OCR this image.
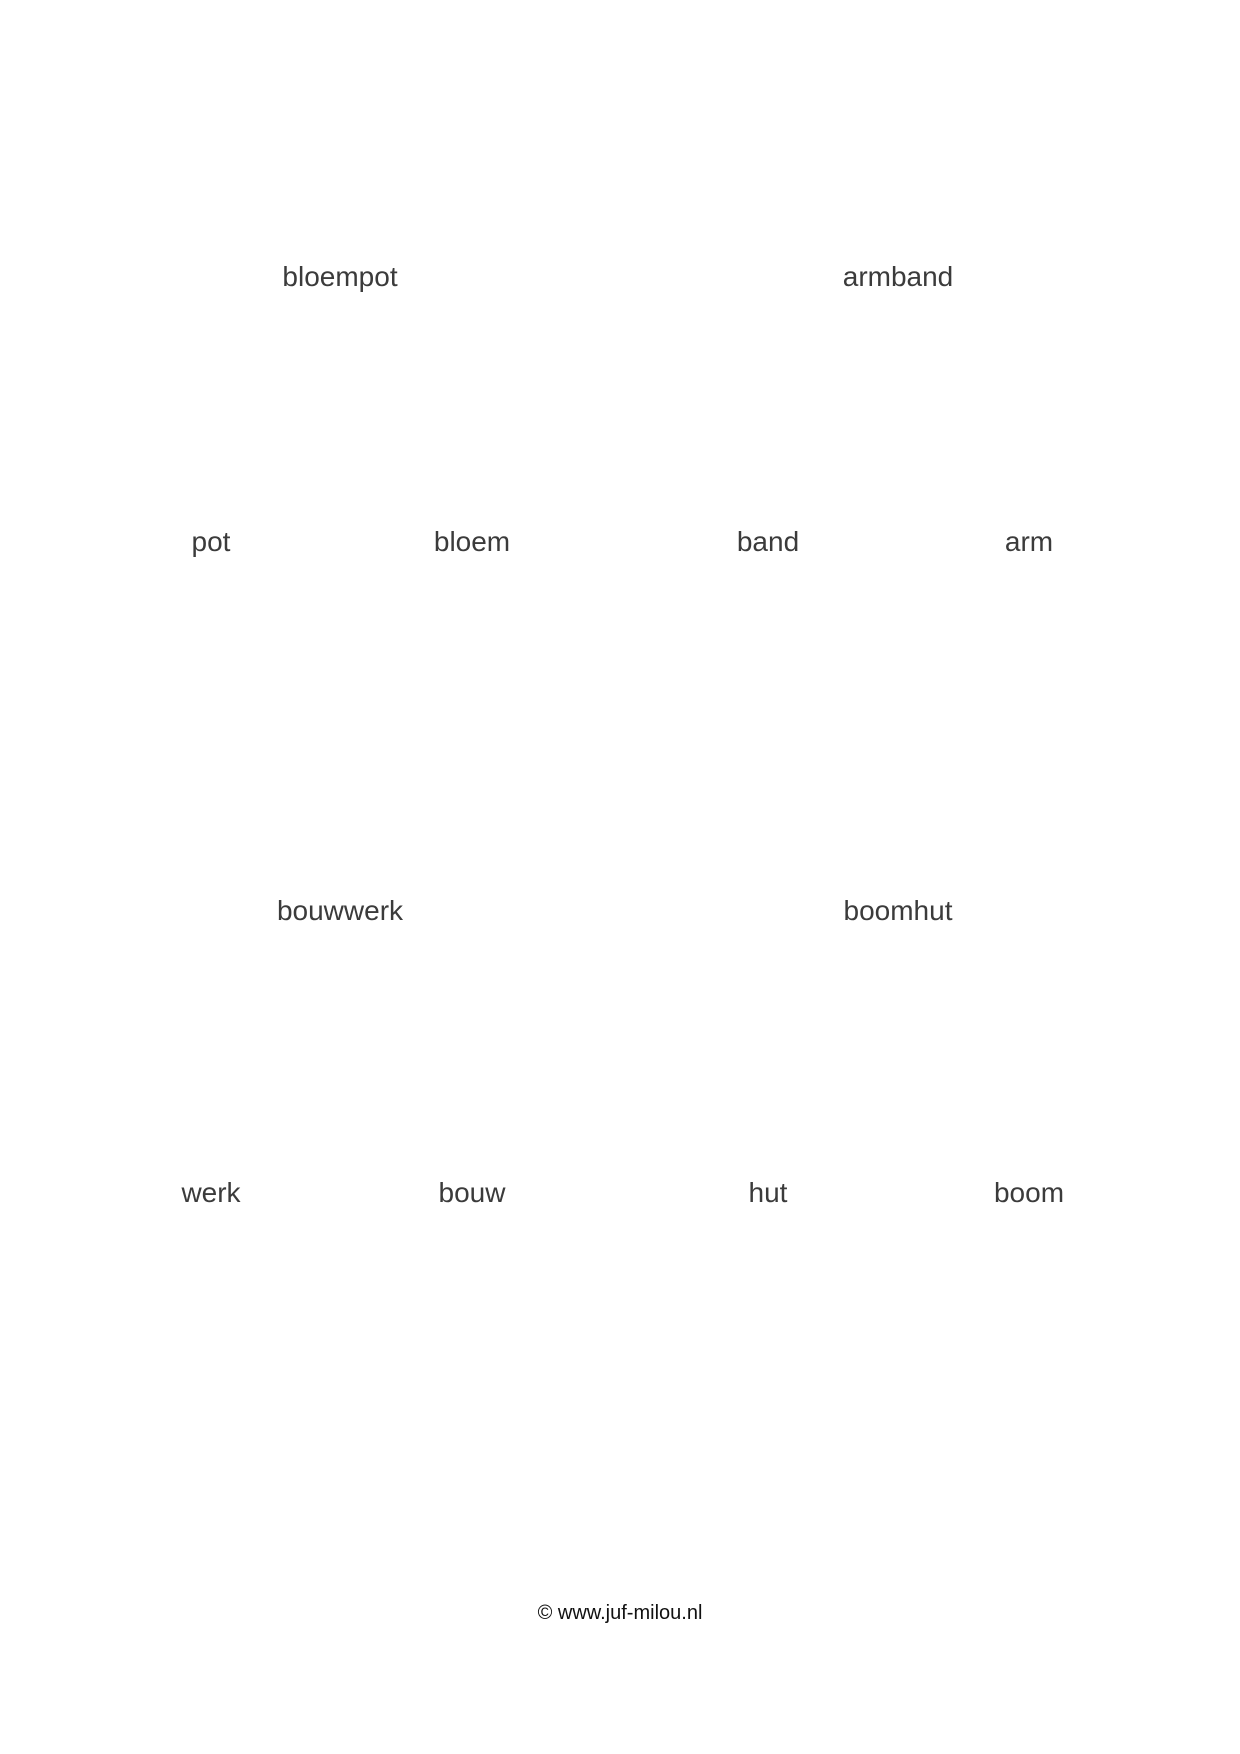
bloempot
pot	bloem
armband
band	arm
bouwwerk
werk	bouw
boomhut
hut	boom
© www.juf-milou.nl
